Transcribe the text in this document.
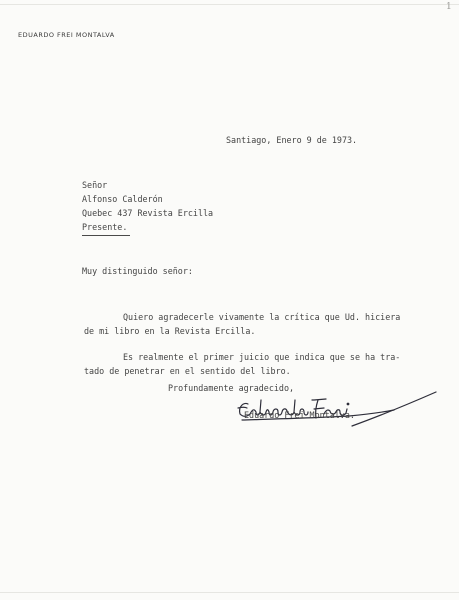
1
EDUARDO FREI MONTALVA
Santiago, Enero 9 de 1973.
Señor
Alfonso Calderón
Quebec 437 Revista Ercilla
Presente.
Muy distinguido señor:
Quiero agradecerle vivamente la crítica que Ud. hiciera
de mi libro en la Revista Ercilla.
Es realmente el primer juicio que indica que se ha tra-
tado de penetrar en el sentido del libro.
Profundamente agradecido,
Eduardo Frei Montalva.
